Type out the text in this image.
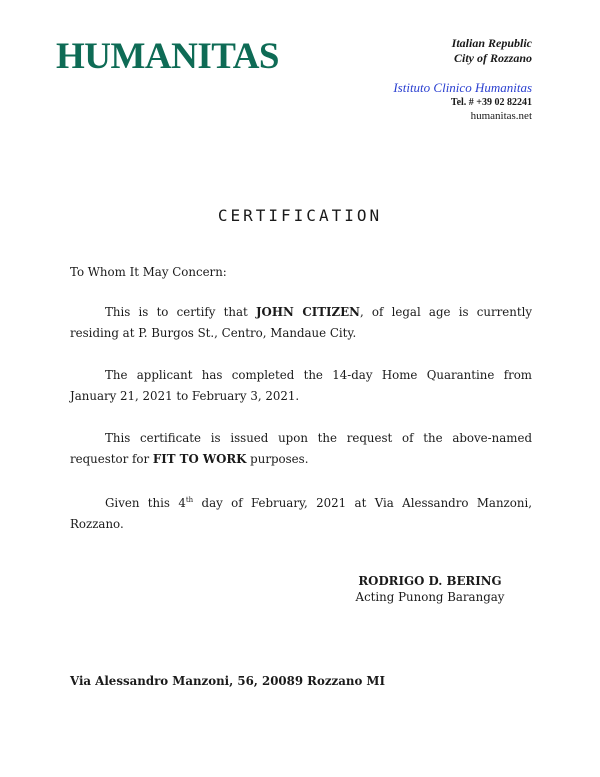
HUMANITAS	Italian Republic
City of Rozzano
Istituto Clinico Humanitas
Tel. # +39 02 82241
humanitas.net
CERTIFICATION
To Whom It May Concern:
This is to certify that JOHN CITIZEN, of legal age is currently residing at P. Burgos St., Centro, Mandaue City.
The applicant has completed the 14-day Home Quarantine from January 21, 2021 to February 3, 2021.
This certificate is issued upon the request of the above-named requestor for FIT TO WORK purposes.
Given this 4th day of February, 2021 at Via Alessandro Manzoni, Rozzano.
RODRIGO D. BERING
Acting Punong Barangay
Via Alessandro Manzoni, 56, 20089 Rozzano MI
